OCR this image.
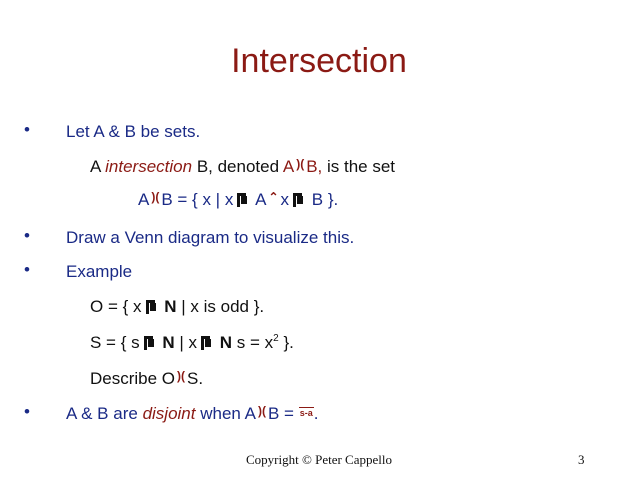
Intersection
• Let A & B be sets.
A intersection B, denoted A )( B, is the set
A )( B = { x | x A ⌃ x B }.
• Draw a Venn diagram to visualize this.
• Example
O = { x N | x is odd }.
S = { s N | x N $s = x^2$ }.
Describe O )( S.
• A & B are disjoint when A )( B = s-a.
Copyright © Peter Cappello	3
